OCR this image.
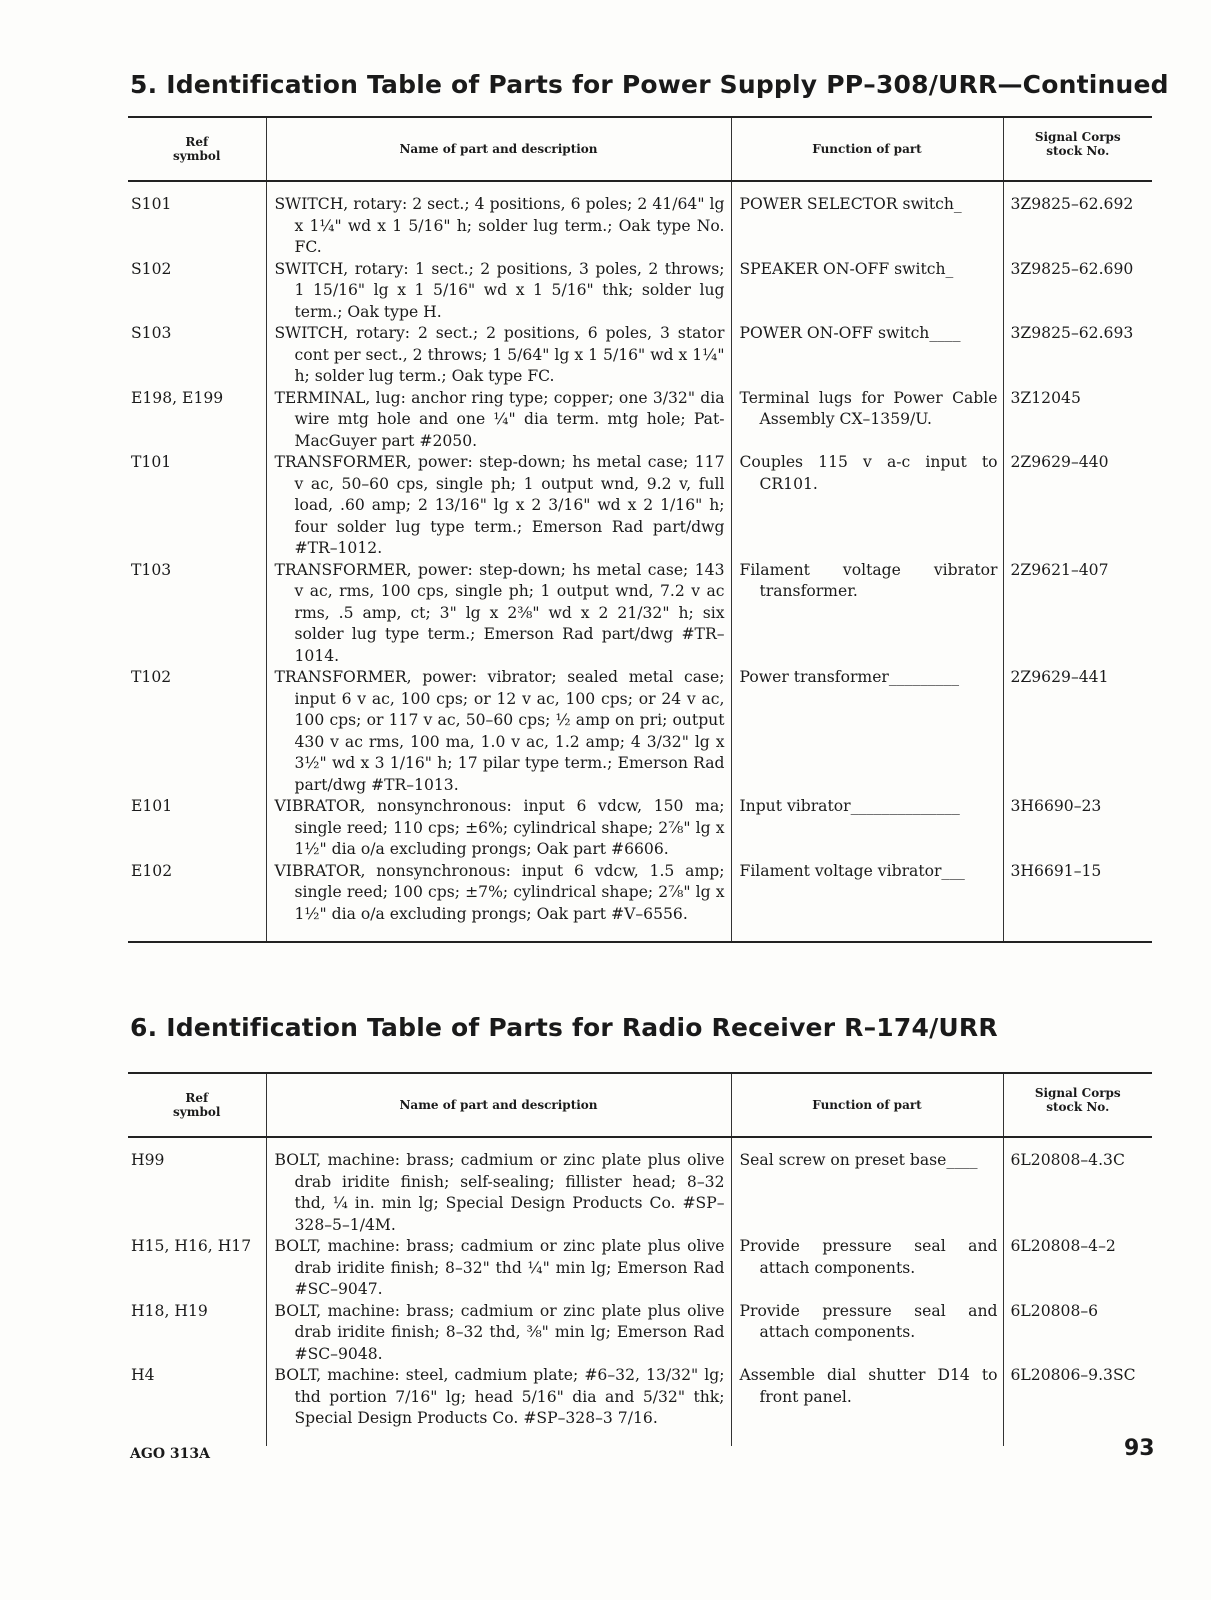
5. Identification Table of Parts for Power Supply PP–308/URR—Continued
Ref
symbol	Name of part and description	Function of part	Signal Corps
stock No.
S101	SWITCH, rotary: 2 sect.; 4 positions, 6 poles; 2 41/64" lg x 1¼" wd x 1 5/16" h; solder lug term.; Oak type No. FC.	POWER SELECTOR switch_	3Z9825–62.692
S102	SWITCH, rotary: 1 sect.; 2 positions, 3 poles, 2 throws; 1 15/16" lg x 1 5/16" wd x 1 5/16" thk; solder lug term.; Oak type H.	SPEAKER ON-OFF switch_	3Z9825–62.690
S103	SWITCH, rotary: 2 sect.; 2 positions, 6 poles, 3 stator cont per sect., 2 throws; 1 5/64" lg x 1 5/16" wd x 1¼" h; solder lug term.; Oak type FC.	POWER ON-OFF switch____	3Z9825–62.693
E198, E199	TERMINAL, lug: anchor ring type; copper; one 3/32" dia wire mtg hole and one ¼" dia term. mtg hole; Pat-MacGuyer part #2050.	Terminal lugs for Power Cable Assembly CX–1359/U.	3Z12045
T101	TRANSFORMER, power: step-down; hs metal case; 117 v ac, 50–60 cps, single ph; 1 output wnd, 9.2 v, full load, .60 amp; 2 13/16" lg x 2 3/16" wd x 2 1/16" h; four solder lug type term.; Emerson Rad part/dwg #TR–1012.	Couples 115 v a-c input to CR101.	2Z9629–440
T103	TRANSFORMER, power: step-down; hs metal case; 143 v ac, rms, 100 cps, single ph; 1 output wnd, 7.2 v ac rms, .5 amp, ct; 3" lg x 2⅜" wd x 2 21/32" h; six solder lug type term.; Emerson Rad part/dwg #TR–1014.	Filament voltage vibrator transformer.	2Z9621–407
T102	TRANSFORMER, power: vibrator; sealed metal case; input 6 v ac, 100 cps; or 12 v ac, 100 cps; or 24 v ac, 100 cps; or 117 v ac, 50–60 cps; ½ amp on pri; output 430 v ac rms, 100 ma, 1.0 v ac, 1.2 amp; 4 3/32" lg x 3½" wd x 3 1/16" h; 17 pilar type term.; Emerson Rad part/dwg #TR–1013.	Power transformer_________	2Z9629–441
E101	VIBRATOR, nonsynchronous: input 6 vdcw, 150 ma; single reed; 110 cps; ±6%; cylindrical shape; 2⅞" lg x 1½" dia o/a excluding prongs; Oak part #6606.	Input vibrator______________	3H6690–23
E102	VIBRATOR, nonsynchronous: input 6 vdcw, 1.5 amp; single reed; 100 cps; ±7%; cylindrical shape; 2⅞" lg x 1½" dia o/a excluding prongs; Oak part #V–6556.	Filament voltage vibrator___	3H6691–15
6. Identification Table of Parts for Radio Receiver R–174/URR
Ref
symbol	Name of part and description	Function of part	Signal Corps
stock No.
H99	BOLT, machine: brass; cadmium or zinc plate plus olive drab iridite finish; self-sealing; fillister head; 8–32 thd, ¼ in. min lg; Special Design Products Co. #SP–328–5–1/4M.	Seal screw on preset base____	6L20808–4.3C
H15, H16, H17	BOLT, machine: brass; cadmium or zinc plate plus olive drab iridite finish; 8–32" thd ¼" min lg; Emerson Rad #SC–9047.	Provide pressure seal and attach components.	6L20808–4–2
H18, H19	BOLT, machine: brass; cadmium or zinc plate plus olive drab iridite finish; 8–32 thd, ⅜" min lg; Emerson Rad #SC–9048.	Provide pressure seal and attach components.	6L20808–6
H4	BOLT, machine: steel, cadmium plate; #6–32, 13/32" lg; thd portion 7/16" lg; head 5/16" dia and 5/32" thk; Special Design Products Co. #SP–328–3 7/16.	Assemble dial shutter D14 to front panel.	6L20806–9.3SC
AGO 313A	93
